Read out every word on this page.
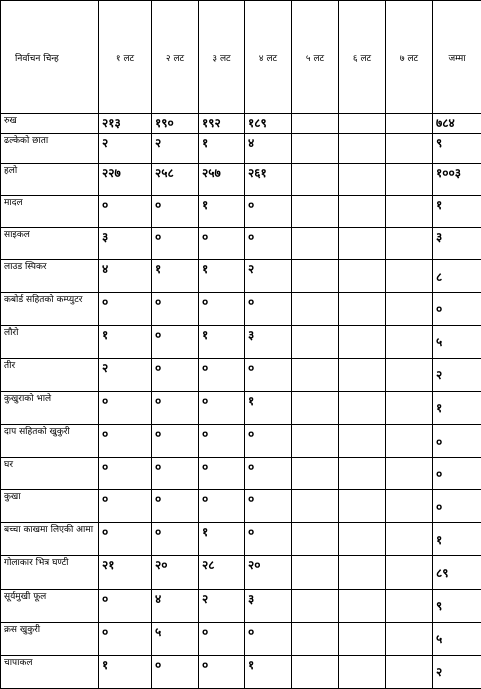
निर्वाचन चिन्ह	१ लट	२ लट	३ लट	४ लट	५ लट	६ लट	७ लट	जम्मा
रुख	२१३	१९०	१९२	१८९				७८४
ढल्केको छाता	२	२	१	४				९
हलो	२२७	२५८	२५७	२६१				१००३
मादल	०	०	१	०				१
साइकल	३	०	०	०				३
लाउड स्पिकर	४	१	१	२				८
कबोर्ड सहितको कम्प्युटर	०	०	०	०				०
लौरो	१	०	१	३				५
तीर	२	०	०	०				२
कुखुराको भाले	०	०	०	१				१
दाप सहितको खुकुरी	०	०	०	०				०
घर	०	०	०	०				०
कुखा	०	०	०	०				०
बच्चा काखमा लिएकी आमा	०	०	१	०				१
गोलाकार भित्र घण्टी	२१	२०	२८	२०				८९
सूर्यमुखी फूल	०	४	२	३				९
क्रस खुकुरी	०	५	०	०				५
चापाकल	१	०	०	१				२
